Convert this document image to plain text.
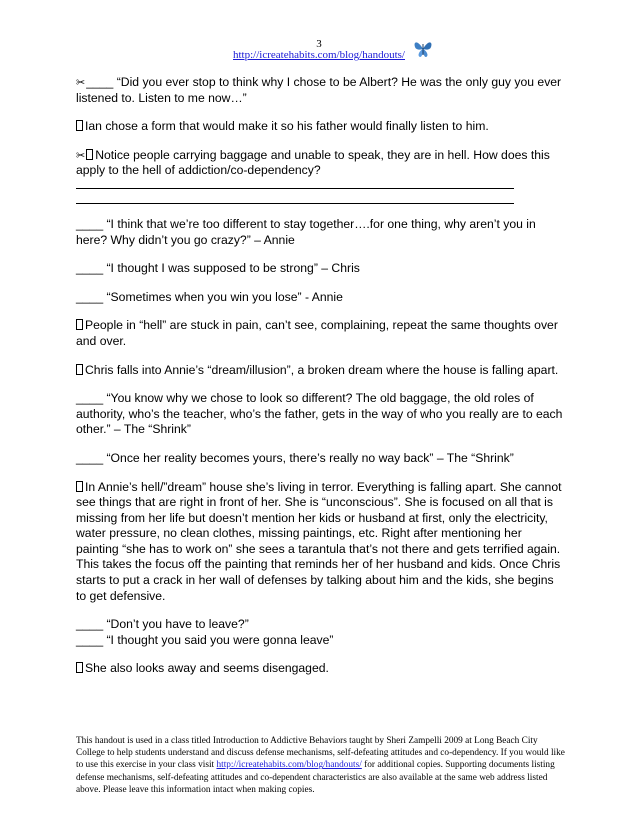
3
http://icreatehabits.com/blog/handouts/

✂____ “Did you ever stop to think why I chose to be Albert? He was the only guy you ever listened to. Listen to me now…”

Ian chose a form that would make it so his father would finally listen to him.

✂ Notice people carrying baggage and unable to speak, they are in hell. How does this apply to the hell of addiction/co-dependency?

____ “I think that we’re too different to stay together….for one thing, why aren’t you in here? Why didn’t you go crazy?” – Annie

____ “I thought I was supposed to be strong” – Chris

____ “Sometimes when you win you lose” - Annie

People in “hell” are stuck in pain, can’t see, complaining, repeat the same thoughts over and over.

Chris falls into Annie’s “dream/illusion”, a broken dream where the house is falling apart.

____ “You know why we chose to look so different? The old baggage, the old roles of authority, who’s the teacher, who’s the father, gets in the way of who you really are to each other.” – The “Shrink”

____ “Once her reality becomes yours, there’s really no way back” – The “Shrink”

In Annie’s hell/”dream” house she’s living in terror. Everything is falling apart. She cannot see things that are right in front of her. She is “unconscious”. She is focused on all that is missing from her life but doesn’t mention her kids or husband at first, only the electricity, water pressure, no clean clothes, missing paintings, etc. Right after mentioning her painting “she has to work on” she sees a tarantula that’s not there and gets terrified again. This takes the focus off the painting that reminds her of her husband and kids. Once Chris starts to put a crack in her wall of defenses by talking about him and the kids, she begins to get defensive.

____ “Don’t you have to leave?”

____ “I thought you said you were gonna leave”

She also looks away and seems disengaged.

This handout is used in a class titled Introduction to Addictive Behaviors taught by Sheri Zampelli 2009 at Long Beach City College to help students understand and discuss defense mechanisms, self-defeating attitudes and co-dependency. If you would like to use this exercise in your class visit http://icreatehabits.com/blog/handouts/ for additional copies. Supporting documents listing defense mechanisms, self-defeating attitudes and co-dependent characteristics are also available at the same web address listed above. Please leave this information intact when making copies.
